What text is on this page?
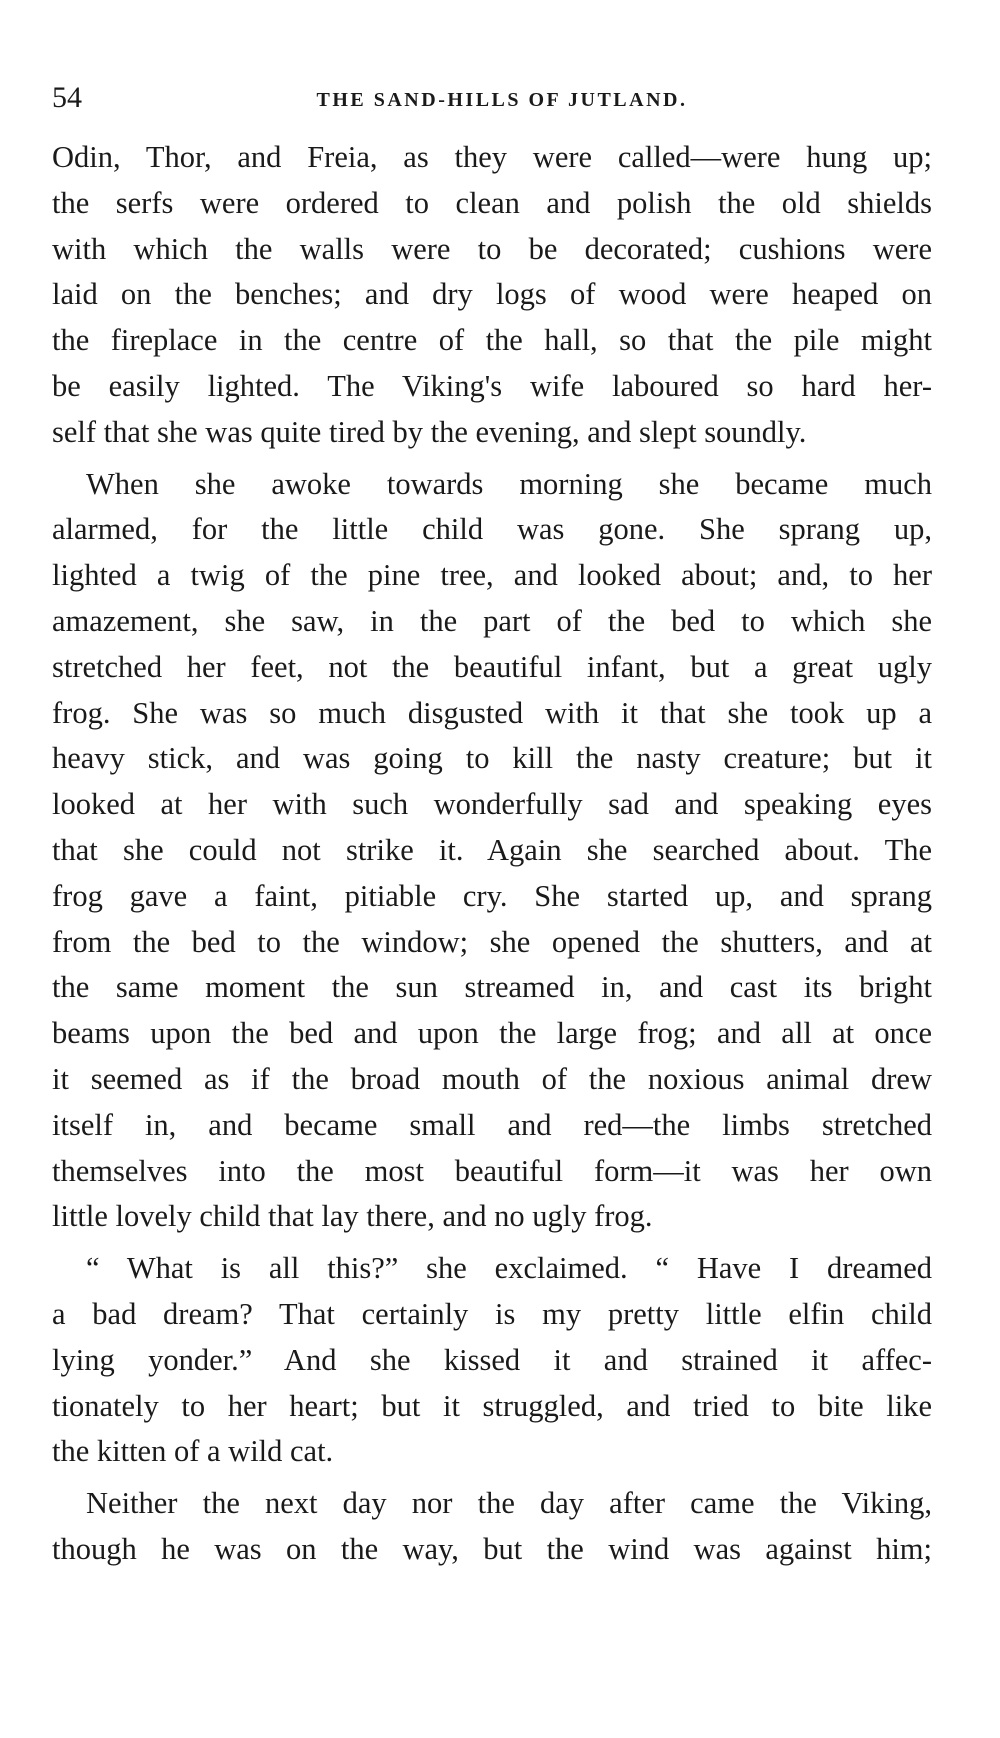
54	THE SAND-HILLS OF JUTLAND.
Odin, Thor, and Freia, as they were called—were hung up;
the serfs were ordered to clean and polish the old shields
with which the walls were to be decorated; cushions were
laid on the benches; and dry logs of wood were heaped on
the fireplace in the centre of the hall, so that the pile might
be easily lighted. The Viking's wife laboured so hard her-
self that she was quite tired by the evening, and slept soundly.
When she awoke towards morning she became much
alarmed, for the little child was gone. She sprang up,
lighted a twig of the pine tree, and looked about; and, to her
amazement, she saw, in the part of the bed to which she
stretched her feet, not the beautiful infant, but a great ugly
frog. She was so much disgusted with it that she took up a
heavy stick, and was going to kill the nasty creature; but it
looked at her with such wonderfully sad and speaking eyes
that she could not strike it. Again she searched about. The
frog gave a faint, pitiable cry. She started up, and sprang
from the bed to the window; she opened the shutters, and at
the same moment the sun streamed in, and cast its bright
beams upon the bed and upon the large frog; and all at once
it seemed as if the broad mouth of the noxious animal drew
itself in, and became small and red—the limbs stretched
themselves into the most beautiful form—it was her own
little lovely child that lay there, and no ugly frog.
“ What is all this?” she exclaimed. “ Have I dreamed
a bad dream? That certainly is my pretty little elfin child
lying yonder.” And she kissed it and strained it affec-
tionately to her heart; but it struggled, and tried to bite like
the kitten of a wild cat.
Neither the next day nor the day after came the Viking,
though he was on the way, but the wind was against him;
